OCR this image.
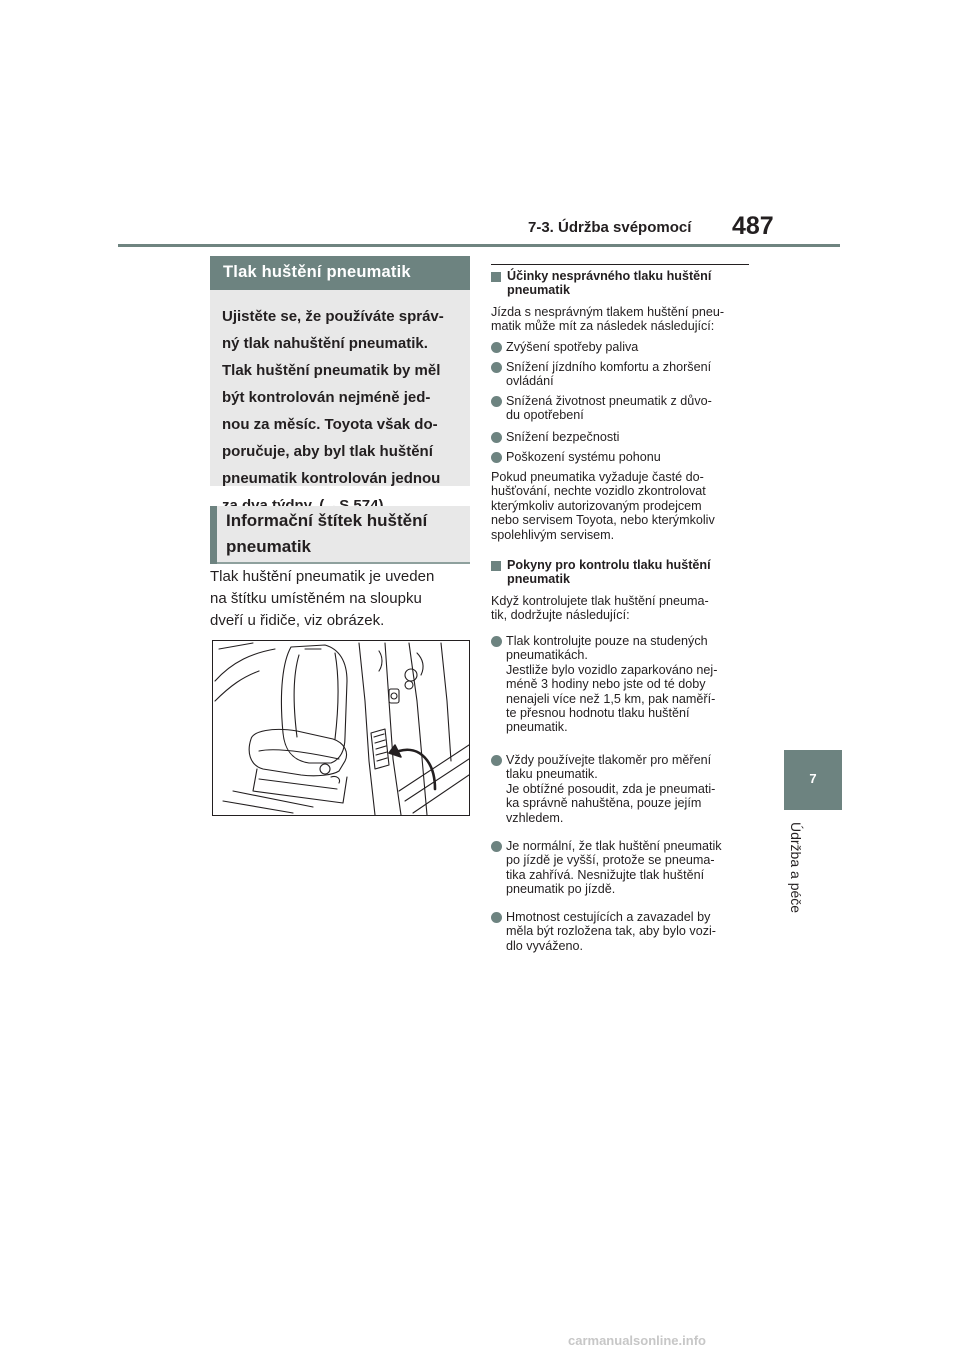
7-3. Údržba svépomocí 487
7
Údržba a péče
Tlak huštění pneumatik
Ujistěte se, že používáte správ-
ný tlak nahuštění pneumatik.
Tlak huštění pneumatik by měl
být kontrolován nejméně jed-
nou za měsíc. Toyota však do-
poručuje, aby byl tlak huštění
pneumatik kontrolován jednou
Informační štítek huštění
pneumatik
Tlak huštění pneumatik je uveden
na štítku umístěném na sloupku
dveří u řidiče, viz obrázek.
Účinky nesprávného tlaku huštění
pneumatik
Jízda s nesprávným tlakem huštění pneu-
matik může mít za následek následující:
Zvýšení spotřeby paliva
Snížení jízdního komfortu a zhoršení
ovládání
Snížená životnost pneumatik z důvo-
du opotřebení
Snížení bezpečnosti
Poškození systému pohonu
Pokud pneumatika vyžaduje časté do-
hušťování, nechte vozidlo zkontrolovat
kterýmkoliv autorizovaným prodejcem
nebo servisem Toyota, nebo kterýmkoliv
spolehlivým servisem.
Pokyny pro kontrolu tlaku huštění
pneumatik
Když kontrolujete tlak huštění pneuma-
tik, dodržujte následující:
Tlak kontrolujte pouze na studených
pneumatikách.
Jestliže bylo vozidlo zaparkováno nej-
méně 3 hodiny nebo jste od té doby
nenajeli více než 1,5 km, pak naměří-
te přesnou hodnotu tlaku huštění
pneumatik.
Vždy používejte tlakoměr pro měření
tlaku pneumatik.
Je obtížné posoudit, zda je pneumati-
ka správně nahuštěna, pouze jejím
vzhledem.
Je normální, že tlak huštění pneumatik
po jízdě je vyšší, protože se pneuma-
tika zahřívá. Nesnižujte tlak huštění
pneumatik po jízdě.
Hmotnost cestujících a zavazadel by
měla být rozložena tak, aby bylo vozi-
dlo vyváženo.
carmanualsonline.info
